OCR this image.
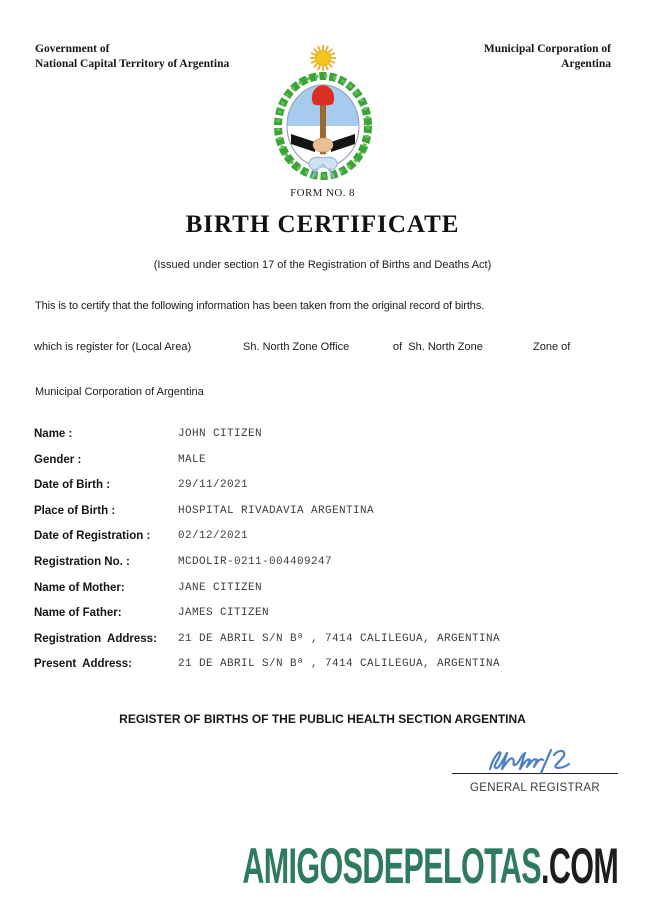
Government of
National Capital Territory of Argentina
Municipal Corporation of
Argentina
FORM NO. 8
BIRTH CERTIFICATE
(Issued under section 17 of the Registration of Births and Deaths Act)
This is to certify that the following information has been taken from the original record of births.
which is register for (Local Area)	Sh. North Zone Office	of  Sh. North Zone	Zone of
Municipal Corporation of Argentina
Name :	JOHN CITIZEN
Gender :	MALE
Date of Birth :	29/11/2021
Place of Birth :	HOSPITAL RIVADAVIA ARGENTINA
Date of Registration :	02/12/2021
Registration No. :	MCDOLIR-0211-004409247
Name of Mother:	JANE CITIZEN
Name of Father:	JAMES CITIZEN
Registration  Address: 21 DE ABRIL S/N Bª , 7414 CALILEGUA, ARGENTINA
Present  Address:	21 DE ABRIL S/N Bª , 7414 CALILEGUA, ARGENTINA
REGISTER OF BIRTHS OF THE PUBLIC HEALTH SECTION ARGENTINA
GENERAL REGISTRAR
AMIGOSDEPELOTAS.COM
